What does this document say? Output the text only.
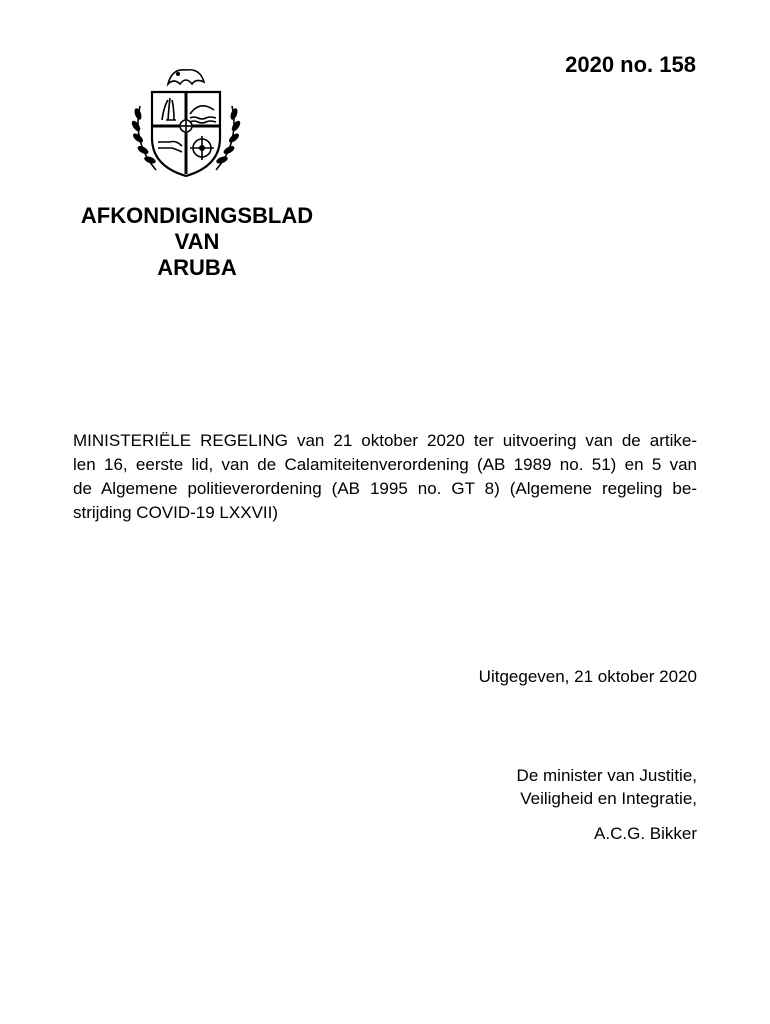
2020 no. 158
AFKONDIGINGSBLAD
VAN
ARUBA

MINISTERIËLE REGELING van 21 oktober 2020 ter uitvoering van de artike-
len 16, eerste lid, van de Calamiteitenverordening (AB 1989 no. 51) en 5 van
de Algemene politieverordening (AB 1995 no. GT 8) (Algemene regeling be-
strijding COVID-19 LXXVII)

Uitgegeven, 21 oktober 2020

De minister van Justitie,
Veiligheid en Integratie,

A.C.G. Bikker
